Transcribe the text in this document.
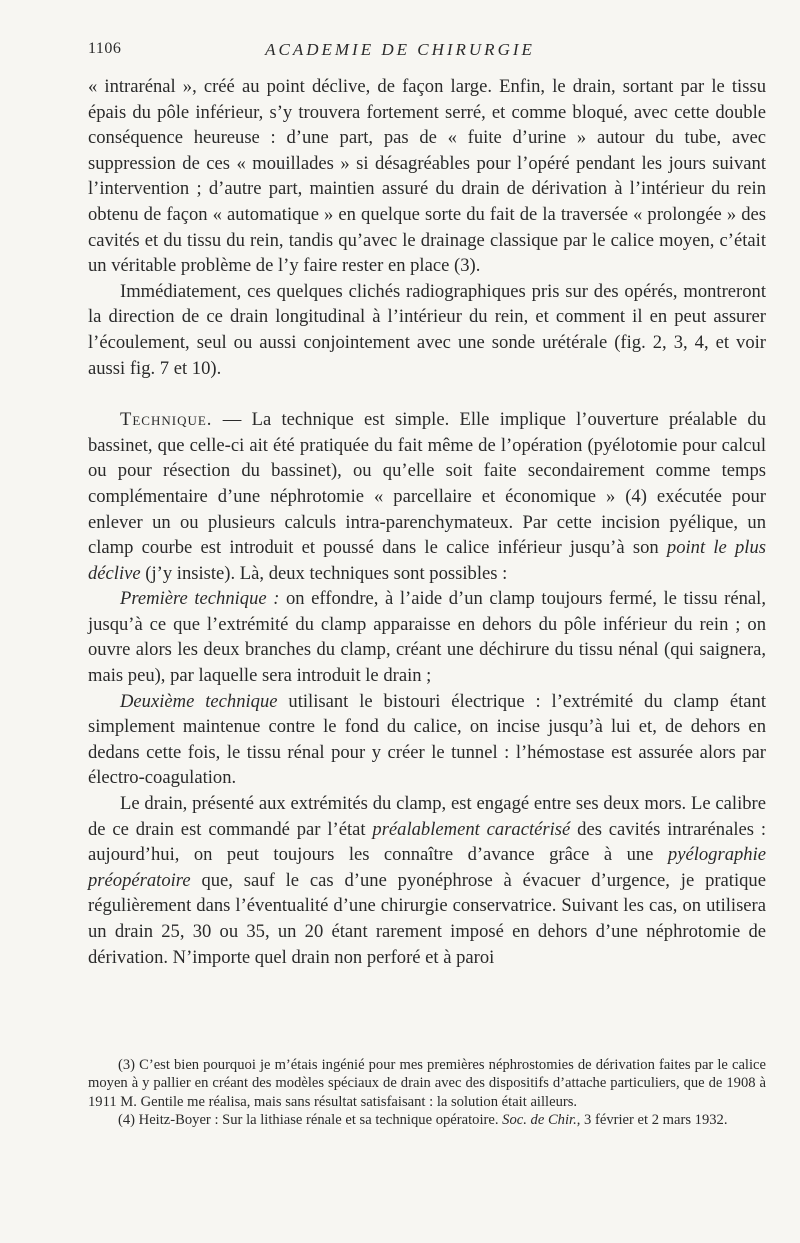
1106	ACADEMIE DE CHIRURGIE

« intrarénal », créé au point déclive, de façon large. Enfin, le drain, sortant par le tissu épais du pôle inférieur, s’y trouvera fortement serré, et comme bloqué, avec cette double conséquence heureuse : d’une part, pas de « fuite d’urine » autour du tube, avec suppression de ces « mouillades » si désagréables pour l’opéré pendant les jours suivant l’intervention ; d’autre part, maintien assuré du drain de dérivation à l’intérieur du rein obtenu de façon « automatique » en quelque sorte du fait de la traversée « prolongée » des cavités et du tissu du rein, tandis qu’avec le drainage classique par le calice moyen, c’était un véritable problème de l’y faire rester en place (3).

Immédiatement, ces quelques clichés radiographiques pris sur des opérés, montreront la direction de ce drain longitudinal à l’intérieur du rein, et comment il en peut assurer l’écoulement, seul ou aussi conjointement avec une sonde urétérale (fig. 2, 3, 4, et voir aussi fig. 7 et 10).

Technique. — La technique est simple. Elle implique l’ouverture préalable du bassinet, que celle-ci ait été pratiquée du fait même de l’opération (pyélotomie pour calcul ou pour résection du bassinet), ou qu’elle soit faite secondairement comme temps complémentaire d’une néphrotomie « parcellaire et économique » (4) exécutée pour enlever un ou plusieurs calculs intra-parenchymateux. Par cette incision pyélique, un clamp courbe est introduit et poussé dans le calice inférieur jusqu’à son point le plus déclive (j’y insiste). Là, deux techniques sont possibles :

Première technique : on effondre, à l’aide d’un clamp toujours fermé, le tissu rénal, jusqu’à ce que l’extrémité du clamp apparaisse en dehors du pôle inférieur du rein ; on ouvre alors les deux branches du clamp, créant une déchirure du tissu nénal (qui saignera, mais peu), par laquelle sera introduit le drain ;

Deuxième technique utilisant le bistouri électrique : l’extrémité du clamp étant simplement maintenue contre le fond du calice, on incise jusqu’à lui et, de dehors en dedans cette fois, le tissu rénal pour y créer le tunnel : l’hémostase est assurée alors par électro-coagulation.

Le drain, présenté aux extrémités du clamp, est engagé entre ses deux mors. Le calibre de ce drain est commandé par l’état préalablement caractérisé des cavités intrarénales : aujourd’hui, on peut toujours les connaître d’avance grâce à une pyélographie préopératoire que, sauf le cas d’une pyonéphrose à évacuer d’urgence, je pratique régulièrement dans l’éventualité d’une chirurgie conservatrice. Suivant les cas, on utilisera un drain 25, 30 ou 35, un 20 étant rarement imposé en dehors d’une néphrotomie de dérivation. N’importe quel drain non perforé et à paroi

(3) C’est bien pourquoi je m’étais ingénié pour mes premières néphrostomies de dérivation faites par le calice moyen à y pallier en créant des modèles spéciaux de drain avec des dispositifs d’attache particuliers, que de 1908 à 1911 M. Gentile me réalisa, mais sans résultat satisfaisant : la solution était ailleurs.

(4) Heitz-Boyer : Sur la lithiase rénale et sa technique opératoire. Soc. de Chir., 3 février et 2 mars 1932.
